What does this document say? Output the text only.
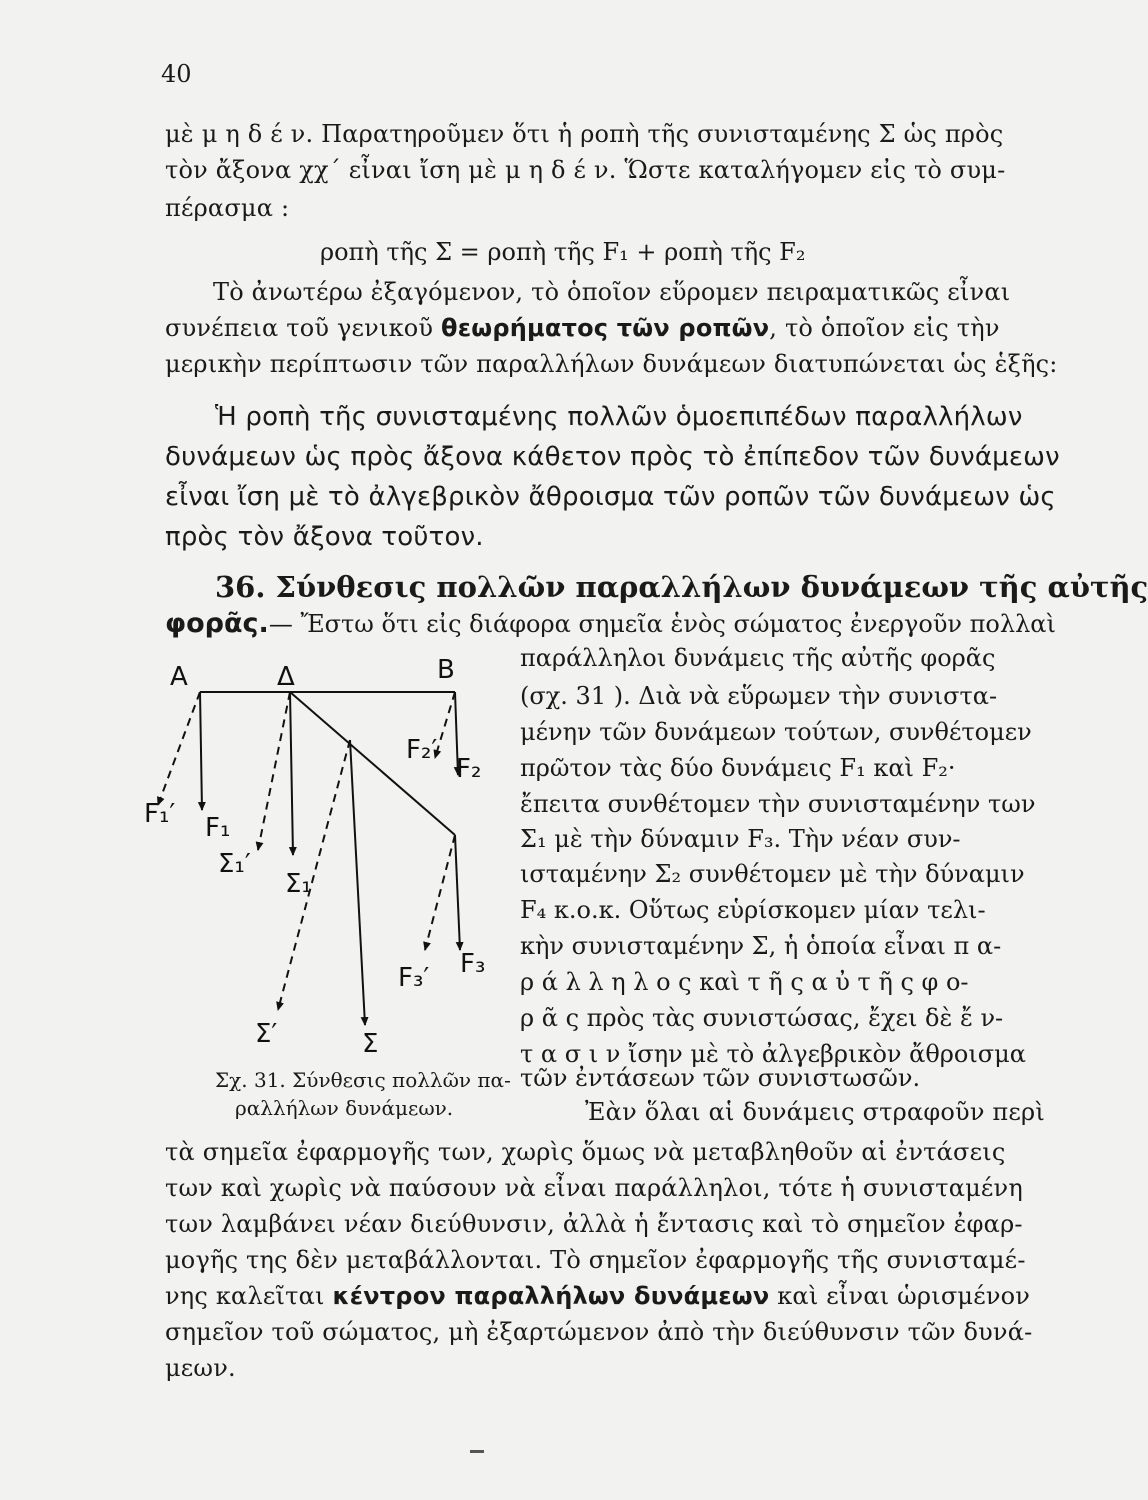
40
μὲ μ η δ έ ν. Παρατηροῦμεν ὅτι ἡ ροπὴ τῆς συνισταμένης Σ ὡς πρὸς
τὸν ἄξονα χχ΄ εἶναι ἴση μὲ μ η δ έ ν. Ὥστε καταλήγομεν εἰς τὸ συμ-
πέρασμα :
ροπὴ τῆς Σ = ροπὴ τῆς F₁ + ροπὴ τῆς F₂
Τὸ ἀνωτέρω ἐξαγόμενον, τὸ ὁποῖον εὕρομεν πειραματικῶς εἶναι
συνέπεια τοῦ γενικοῦ θεωρήματος τῶν ροπῶν, τὸ ὁποῖον εἰς τὴν
μερικὴν περίπτωσιν τῶν παραλλήλων δυνάμεων διατυπώνεται ὡς ἑξῆς:
Ἡ ροπὴ τῆς συνισταμένης πολλῶν ὁμοεπιπέδων παραλλήλων
δυνάμεων ὡς πρὸς ἄξονα κάθετον πρὸς τὸ ἐπίπεδον τῶν δυνάμεων
εἶναι ἴση μὲ τὸ ἀλγεβρικὸν ἄθροισμα τῶν ροπῶν τῶν δυνάμεων ὡς
πρὸς τὸν ἄξονα τοῦτον.
36. Σύνθεσις πολλῶν παραλλήλων δυνάμεων τῆς αὐτῆς
φορᾶς.— Ἔστω ὅτι εἰς διάφορα σημεῖα ἑνὸς σώματος ἐνεργοῦν πολλαὶ
παράλληλοι δυνάμεις τῆς αὐτῆς φορᾶς
(σχ. 31 ). Διὰ νὰ εὕρωμεν τὴν συνιστα-
μένην τῶν δυνάμεων τούτων, συνθέτομεν
πρῶτον τὰς δύο δυνάμεις F₁ καὶ F₂·
ἔπειτα συνθέτομεν τὴν συνισταμένην των
Σ₁ μὲ τὴν δύναμιν F₃. Τὴν νέαν συν-
ισταμένην Σ₂ συνθέτομεν μὲ τὴν δύναμιν
F₄ κ.ο.κ. Οὕτως εὑρίσκομεν μίαν τελι-
κὴν συνισταμένην Σ, ἡ ὁποία εἶναι π α-
ρ ά λ λ η λ ο ς καὶ τ ῆ ς α ὐ τ ῆ ς φ ο-
ρ ᾶ ς πρὸς τὰς συνιστώσας, ἔχει δὲ ἔ ν-
τ α σ ι ν ἴσην μὲ τὸ ἀλγεβρικὸν ἄθροισμα
τῶν ἐντάσεων τῶν συνιστωσῶν.
A	Δ	B
F₁′ F₁
Σ₁′
Σ₁
F₂′
F₂
F₃′ F₃
Σ′	Σ
Σχ. 31. Σύνθεσις πολλῶν πα-
ραλλήλων δυνάμεων.	Ἐὰν ὅλαι αἱ δυνάμεις στραφοῦν περὶ
τὰ σημεῖα ἐφαρμογῆς των, χωρὶς ὅμως νὰ μεταβληθοῦν αἱ ἐντάσεις
των καὶ χωρὶς νὰ παύσουν νὰ εἶναι παράλληλοι, τότε ἡ συνισταμένη
των λαμβάνει νέαν διεύθυνσιν, ἀλλὰ ἡ ἔντασις καὶ τὸ σημεῖον ἐφαρ-
μογῆς της δὲν μεταβάλλονται. Τὸ σημεῖον ἐφαρμογῆς τῆς συνισταμέ-
νης καλεῖται κέντρον παραλλήλων δυνάμεων καὶ εἶναι ὡρισμένον
σημεῖον τοῦ σώματος, μὴ ἐξαρτώμενον ἀπὸ τὴν διεύθυνσιν τῶν δυνά-
μεων.
